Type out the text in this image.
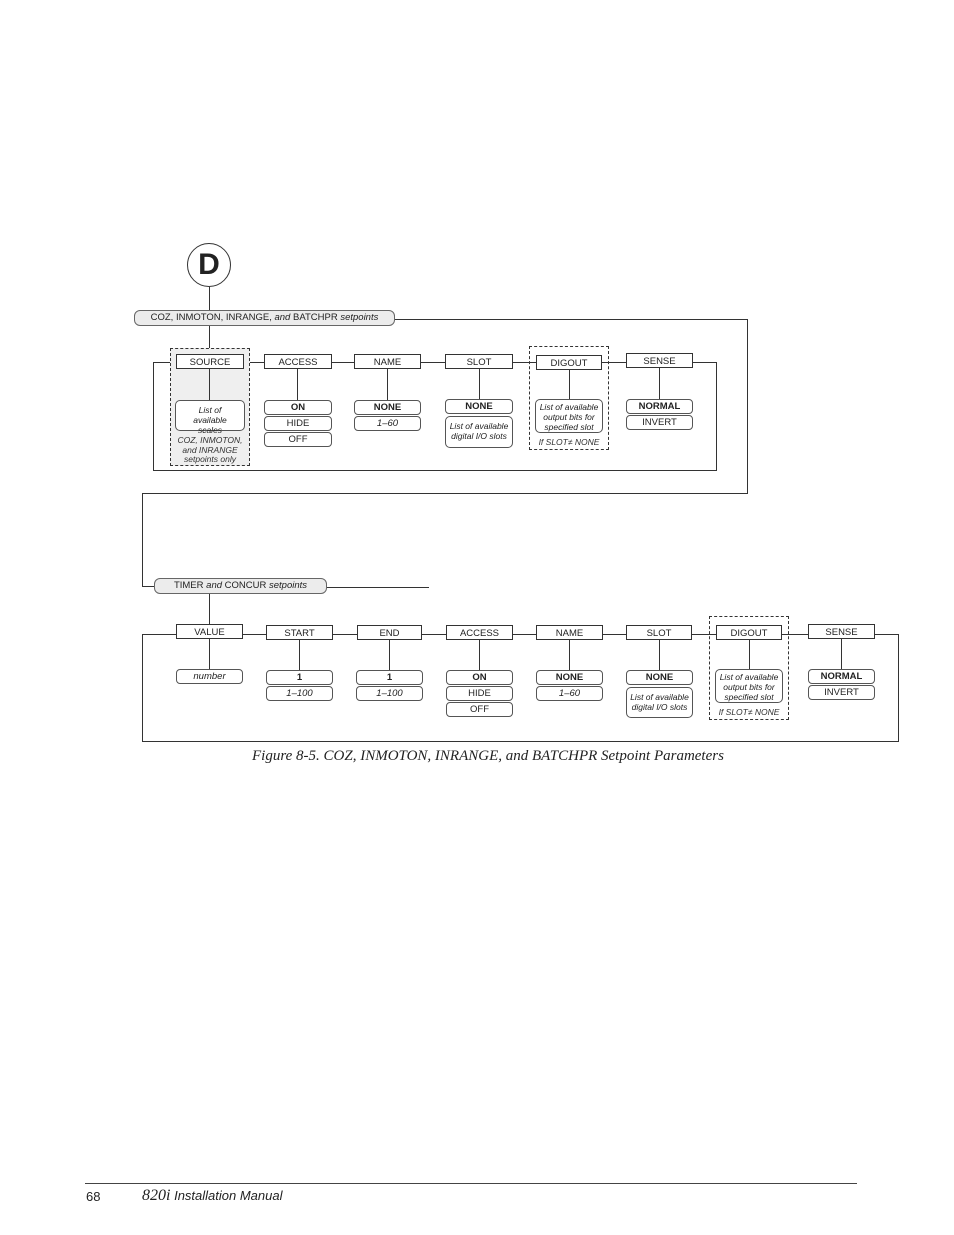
D
COZ, INMOTON, INRANGE, and BATCHPR setpoints
SOURCE
List of available scales
COZ, INMOTON, and INRANGE setpoints only
ACCESS
ON
HIDE
OFF
NAME
NONE
1–60
SLOT
NONE
List of available digital I/O slots
DIGOUT
List of available output bits for specified slot
If SLOT≠ NONE
SENSE
NORMAL
INVERT
TIMER and CONCUR setpoints
VALUE
number
START
1
1–100
END
1
1–100
ACCESS
ON
HIDE
OFF
NAME
NONE
1–60
SLOT
NONE
List of available digital I/O slots
DIGOUT
List of available output bits for specified slot
If SLOT≠ NONE
SENSE
NORMAL
INVERT
Figure 8-5. COZ, INMOTON, INRANGE, and BATCHPR Setpoint Parameters
68	820i Installation Manual
